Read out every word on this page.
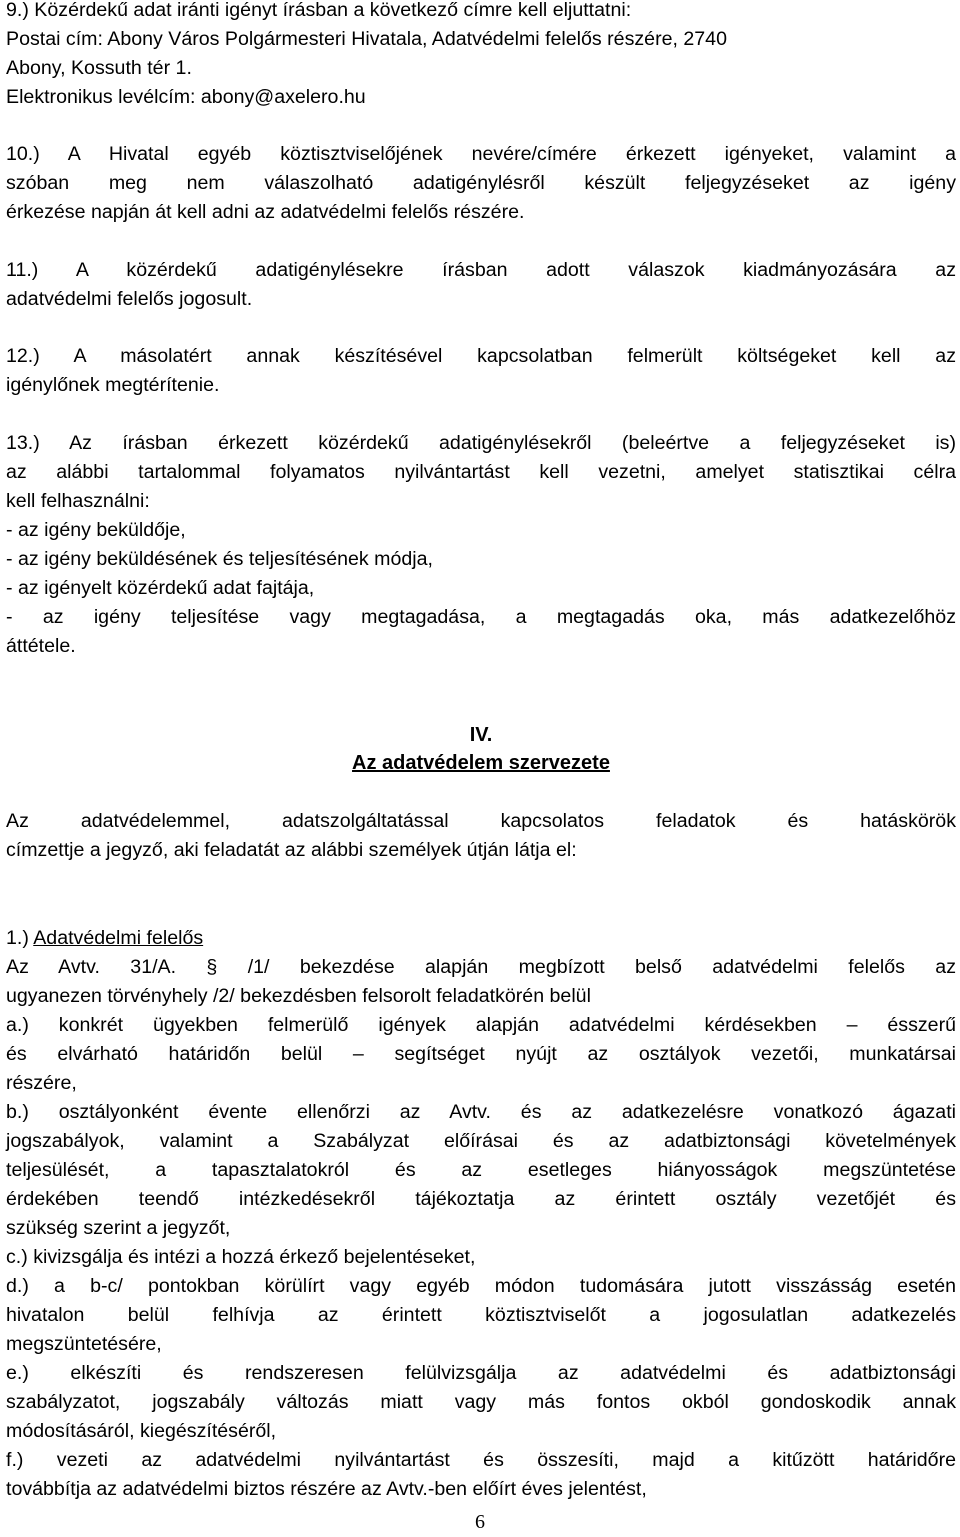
9.) Közérdekű adat iránti igényt írásban a következő címre kell eljuttatni:
Postai cím: Abony Város Polgármesteri Hivatala, Adatvédelmi felelős részére, 2740
Abony, Kossuth tér 1.
Elektronikus levélcím: abony@axelero.hu
10.) A Hivatal egyéb köztisztviselőjének nevére/címére érkezett igényeket, valamint a
szóban meg nem válaszolható adatigénylésről készült feljegyzéseket az igény
érkezése napján át kell adni az adatvédelmi felelős részére.
11.) A közérdekű adatigénylésekre írásban adott válaszok kiadmányozására az
adatvédelmi felelős jogosult.
12.) A másolatért annak készítésével kapcsolatban felmerült költségeket kell az
igénylőnek megtérítenie.
13.) Az írásban érkezett közérdekű adatigénylésekről (beleértve a feljegyzéseket is)
az alábbi tartalommal folyamatos nyilvántartást kell vezetni, amelyet statisztikai célra
kell felhasználni:
- az igény beküldője,
- az igény beküldésének és teljesítésének módja,
- az igényelt közérdekű adat fajtája,
- az igény teljesítése vagy megtagadása, a megtagadás oka, más adatkezelőhöz
áttétele.
IV.
Az adatvédelem szervezete
Az adatvédelemmel, adatszolgáltatással kapcsolatos feladatok és hatáskörök
címzettje a jegyző, aki feladatát az alábbi személyek útján látja el:
1.) Adatvédelmi felelős
Az Avtv. 31/A. § /1/ bekezdése alapján megbízott belső adatvédelmi felelős az
ugyanezen törvényhely /2/ bekezdésben felsorolt feladatkörén belül
a.) konkrét ügyekben felmerülő igények alapján adatvédelmi kérdésekben – ésszerű
és elvárható határidőn belül – segítséget nyújt az osztályok vezetői, munkatársai
részére,
b.) osztályonként évente ellenőrzi az Avtv. és az adatkezelésre vonatkozó ágazati
jogszabályok, valamint a Szabályzat előírásai és az adatbiztonsági követelmények
teljesülését, a tapasztalatokról és az esetleges hiányosságok megszüntetése
érdekében teendő intézkedésekről tájékoztatja az érintett osztály vezetőjét és
szükség szerint a jegyzőt,
c.) kivizsgálja és intézi a hozzá érkező bejelentéseket,
d.) a b-c/ pontokban körülírt vagy egyéb módon tudomására jutott visszásság esetén
hivatalon belül felhívja az érintett köztisztviselőt a jogosulatlan adatkezelés
megszüntetésére,
e.) elkészíti és rendszeresen felülvizsgálja az adatvédelmi és adatbiztonsági
szabályzatot, jogszabály változás miatt vagy más fontos okból gondoskodik annak
módosításáról, kiegészítéséről,
f.) vezeti az adatvédelmi nyilvántartást és összesíti, majd a kitűzött határidőre
továbbítja az adatvédelmi biztos részére az Avtv.-ben előírt éves jelentést,
6
